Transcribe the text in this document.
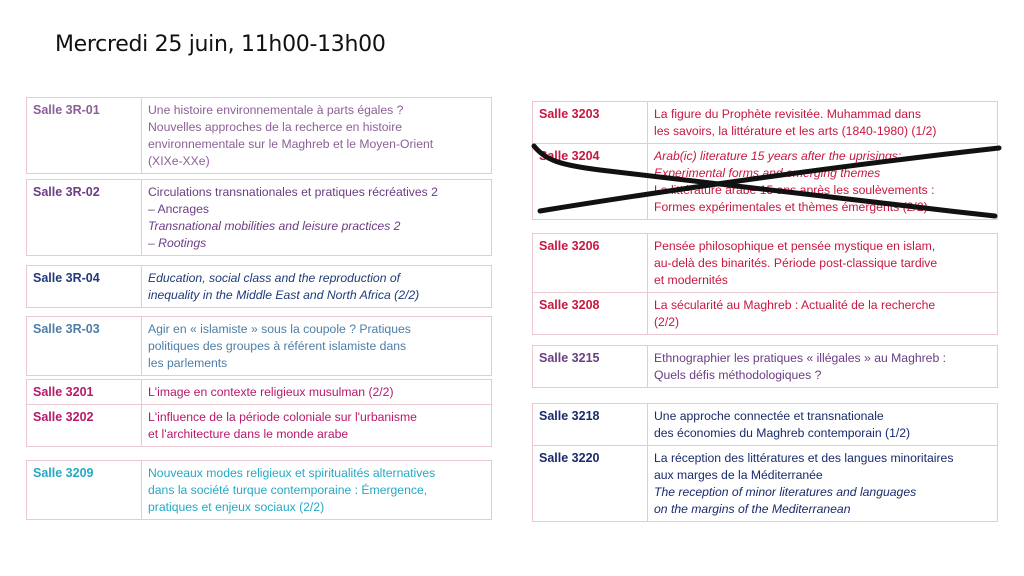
Mercredi 25 juin, 11h00-13h00
Salle 3R-01	Une histoire environnementale à parts égales ?
Nouvelles approches de la recherce en histoire
environnementale sur le Maghreb et le Moyen-Orient
(XIXe-XXe)
Salle 3R-02	Circulations transnationales et pratiques récréatives 2
– Ancrages
Transnational mobilities and leisure practices 2
– Rootings
Salle 3R-04	Education, social class and the reproduction of
inequality in the Middle East and North Africa (2/2)
Salle 3R-03	Agir en « islamiste » sous la coupole ? Pratiques
politiques des groupes à référent islamiste dans
les parlements
Salle 3201	L'image en contexte religieux musulman (2/2)

Salle 3202	L'influence de la période coloniale sur l'urbanisme
et l'architecture dans le monde arabe
Salle 3209	Nouveaux modes religieux et spiritualités alternatives
dans la société turque contemporaine : Émergence,
pratiques et enjeux sociaux (2/2)
Salle 3203	La figure du Prophète revisitée. Muhammad dans
les savoirs, la littérature et les arts (1840-1980) (1/2)

Salle 3204	Arab(ic) literature 15 years after the uprisings:
Experimental forms and emerging themes
La littérature arabe 15 ans après les soulèvements :
Formes expérimentales et thèmes émergents (2/2)
Salle 3206	Pensée philosophique et pensée mystique en islam,
au-delà des binarités. Période post-classique tardive
et modernités

Salle 3208	La sécularité au Maghreb : Actualité de la recherche
(2/2)
Salle 3215	Ethnographier les pratiques « illégales » au Maghreb :
Quels défis méthodologiques ?
Salle 3218	Une approche connectée et transnationale
des économies du Maghreb contemporain (1/2)

Salle 3220	La réception des littératures et des langues minoritaires
aux marges de la Méditerranée
The reception of minor literatures and languages
on the margins of the Mediterranean
